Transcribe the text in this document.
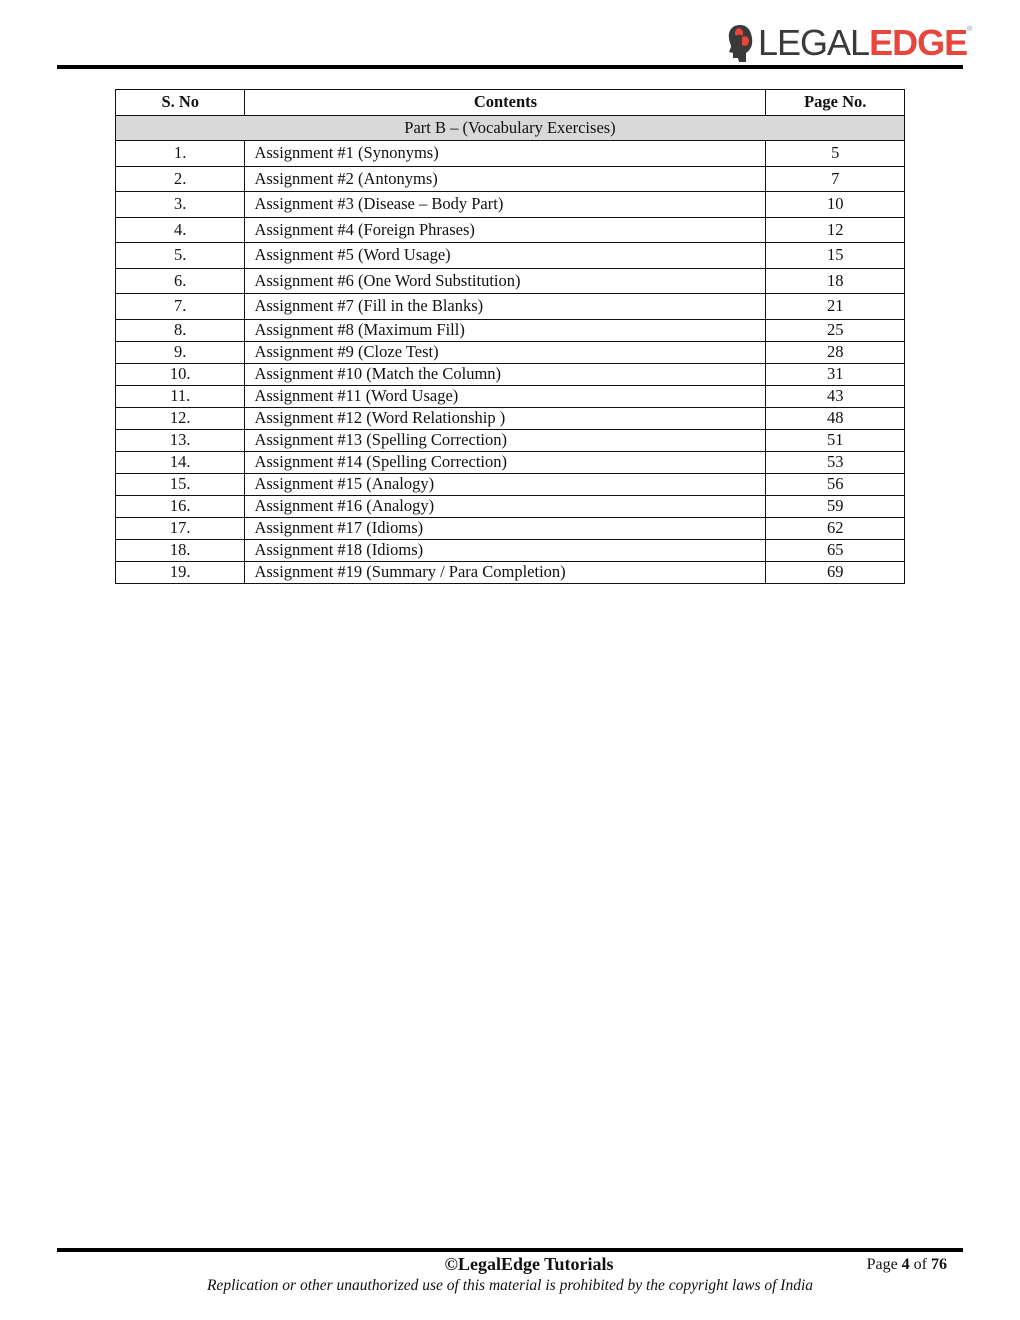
LEGALEDGE ®
S. No	Contents	Page No.
Part B – (Vocabulary Exercises)		
1.	Assignment #1 (Synonyms)	5
2.	Assignment #2 (Antonyms)	7
3.	Assignment #3 (Disease – Body Part)	10
4.	Assignment #4 (Foreign Phrases)	12
5.	Assignment #5 (Word Usage)	15
6.	Assignment #6 (One Word Substitution)	18
7.	Assignment #7 (Fill in the Blanks)	21
8.	Assignment #8 (Maximum Fill)	25
9.	Assignment #9 (Cloze Test)	28
10.	Assignment #10 (Match the Column)	31
11.	Assignment #11 (Word Usage)	43
12.	Assignment #12 (Word Relationship )	48
13.	Assignment #13 (Spelling Correction)	51
14.	Assignment #14 (Spelling Correction)	53
15.	Assignment #15 (Analogy)	56
16.	Assignment #16 (Analogy)	59
17.	Assignment #17 (Idioms)	62
18.	Assignment #18 (Idioms)	65
19.	Assignment #19 (Summary / Para Completion)	69
©LegalEdge Tutorials	Page 4 of 76
Replication or other unauthorized use of this material is prohibited by the copyright laws of India
